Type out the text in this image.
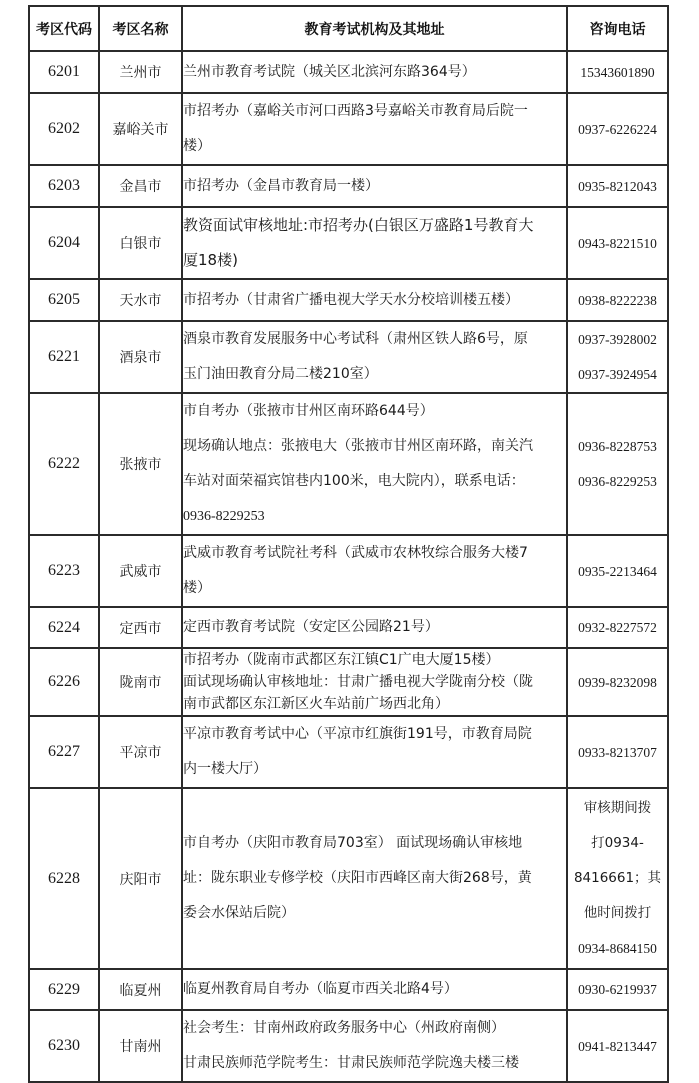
考区代码	考区名称	教育考试机构及其地址	咨询电话
6201	兰州市	兰州市教育考试院（城关区北滨河东路364号）	15343601890

6202	嘉峪关市	市招考办（嘉峪关市河口西路3号嘉峪关市教育局后院一
楼）	0937-6226224

6203	金昌市	市招考办（金昌市教育局一楼）	0935-8212043

6204	白银市	教资面试审核地址:市招考办(白银区万盛路1号教育大
厦18楼)	0943-8221510

6205	天水市	市招考办（甘肃省广播电视大学天水分校培训楼五楼）	0938-8222238

6221	酒泉市	酒泉市教育发展服务中心考试科（肃州区铁人路6号，原
玉门油田教育分局二楼210室）	0937-3928002
0937-3924954

6222	张掖市	市自考办（张掖市甘州区南环路644号）
现场确认地点：张掖电大（张掖市甘州区南环路，南关汽
车站对面荣福宾馆巷内100米，电大院内），联系电话：
0936-8229253	0936-8228753
0936-8229253

6223	武威市	武威市教育考试院社考科（武威市农林牧综合服务大楼7
楼）	0935-2213464

6224	定西市	定西市教育考试院（安定区公园路21号）	0932-8227572

6226	陇南市	市招考办（陇南市武都区东江镇C1广电大厦15楼）
面试现场确认审核地址：甘肃广播电视大学陇南分校（陇
南市武都区东江新区火车站前广场西北角）	0939-8232098

6227	平凉市	平凉市教育考试中心（平凉市红旗街191号，市教育局院
内一楼大厅）	0933-8213707

6228	庆阳市	市自考办（庆阳市教育局703室） 面试现场确认审核地
址：陇东职业专修学校（庆阳市西峰区南大街268号，黄
委会水保站后院）	审核期间拨
打0934-
8416661；其
他时间拨打
0934-8684150

6229	临夏州	临夏州教育局自考办（临夏市西关北路4号）	0930-6219937

6230	甘南州	社会考生：甘南州政府政务服务中心（州政府南侧）
甘肃民族师范学院考生：甘肃民族师范学院逸夫楼三楼	0941-8213447
